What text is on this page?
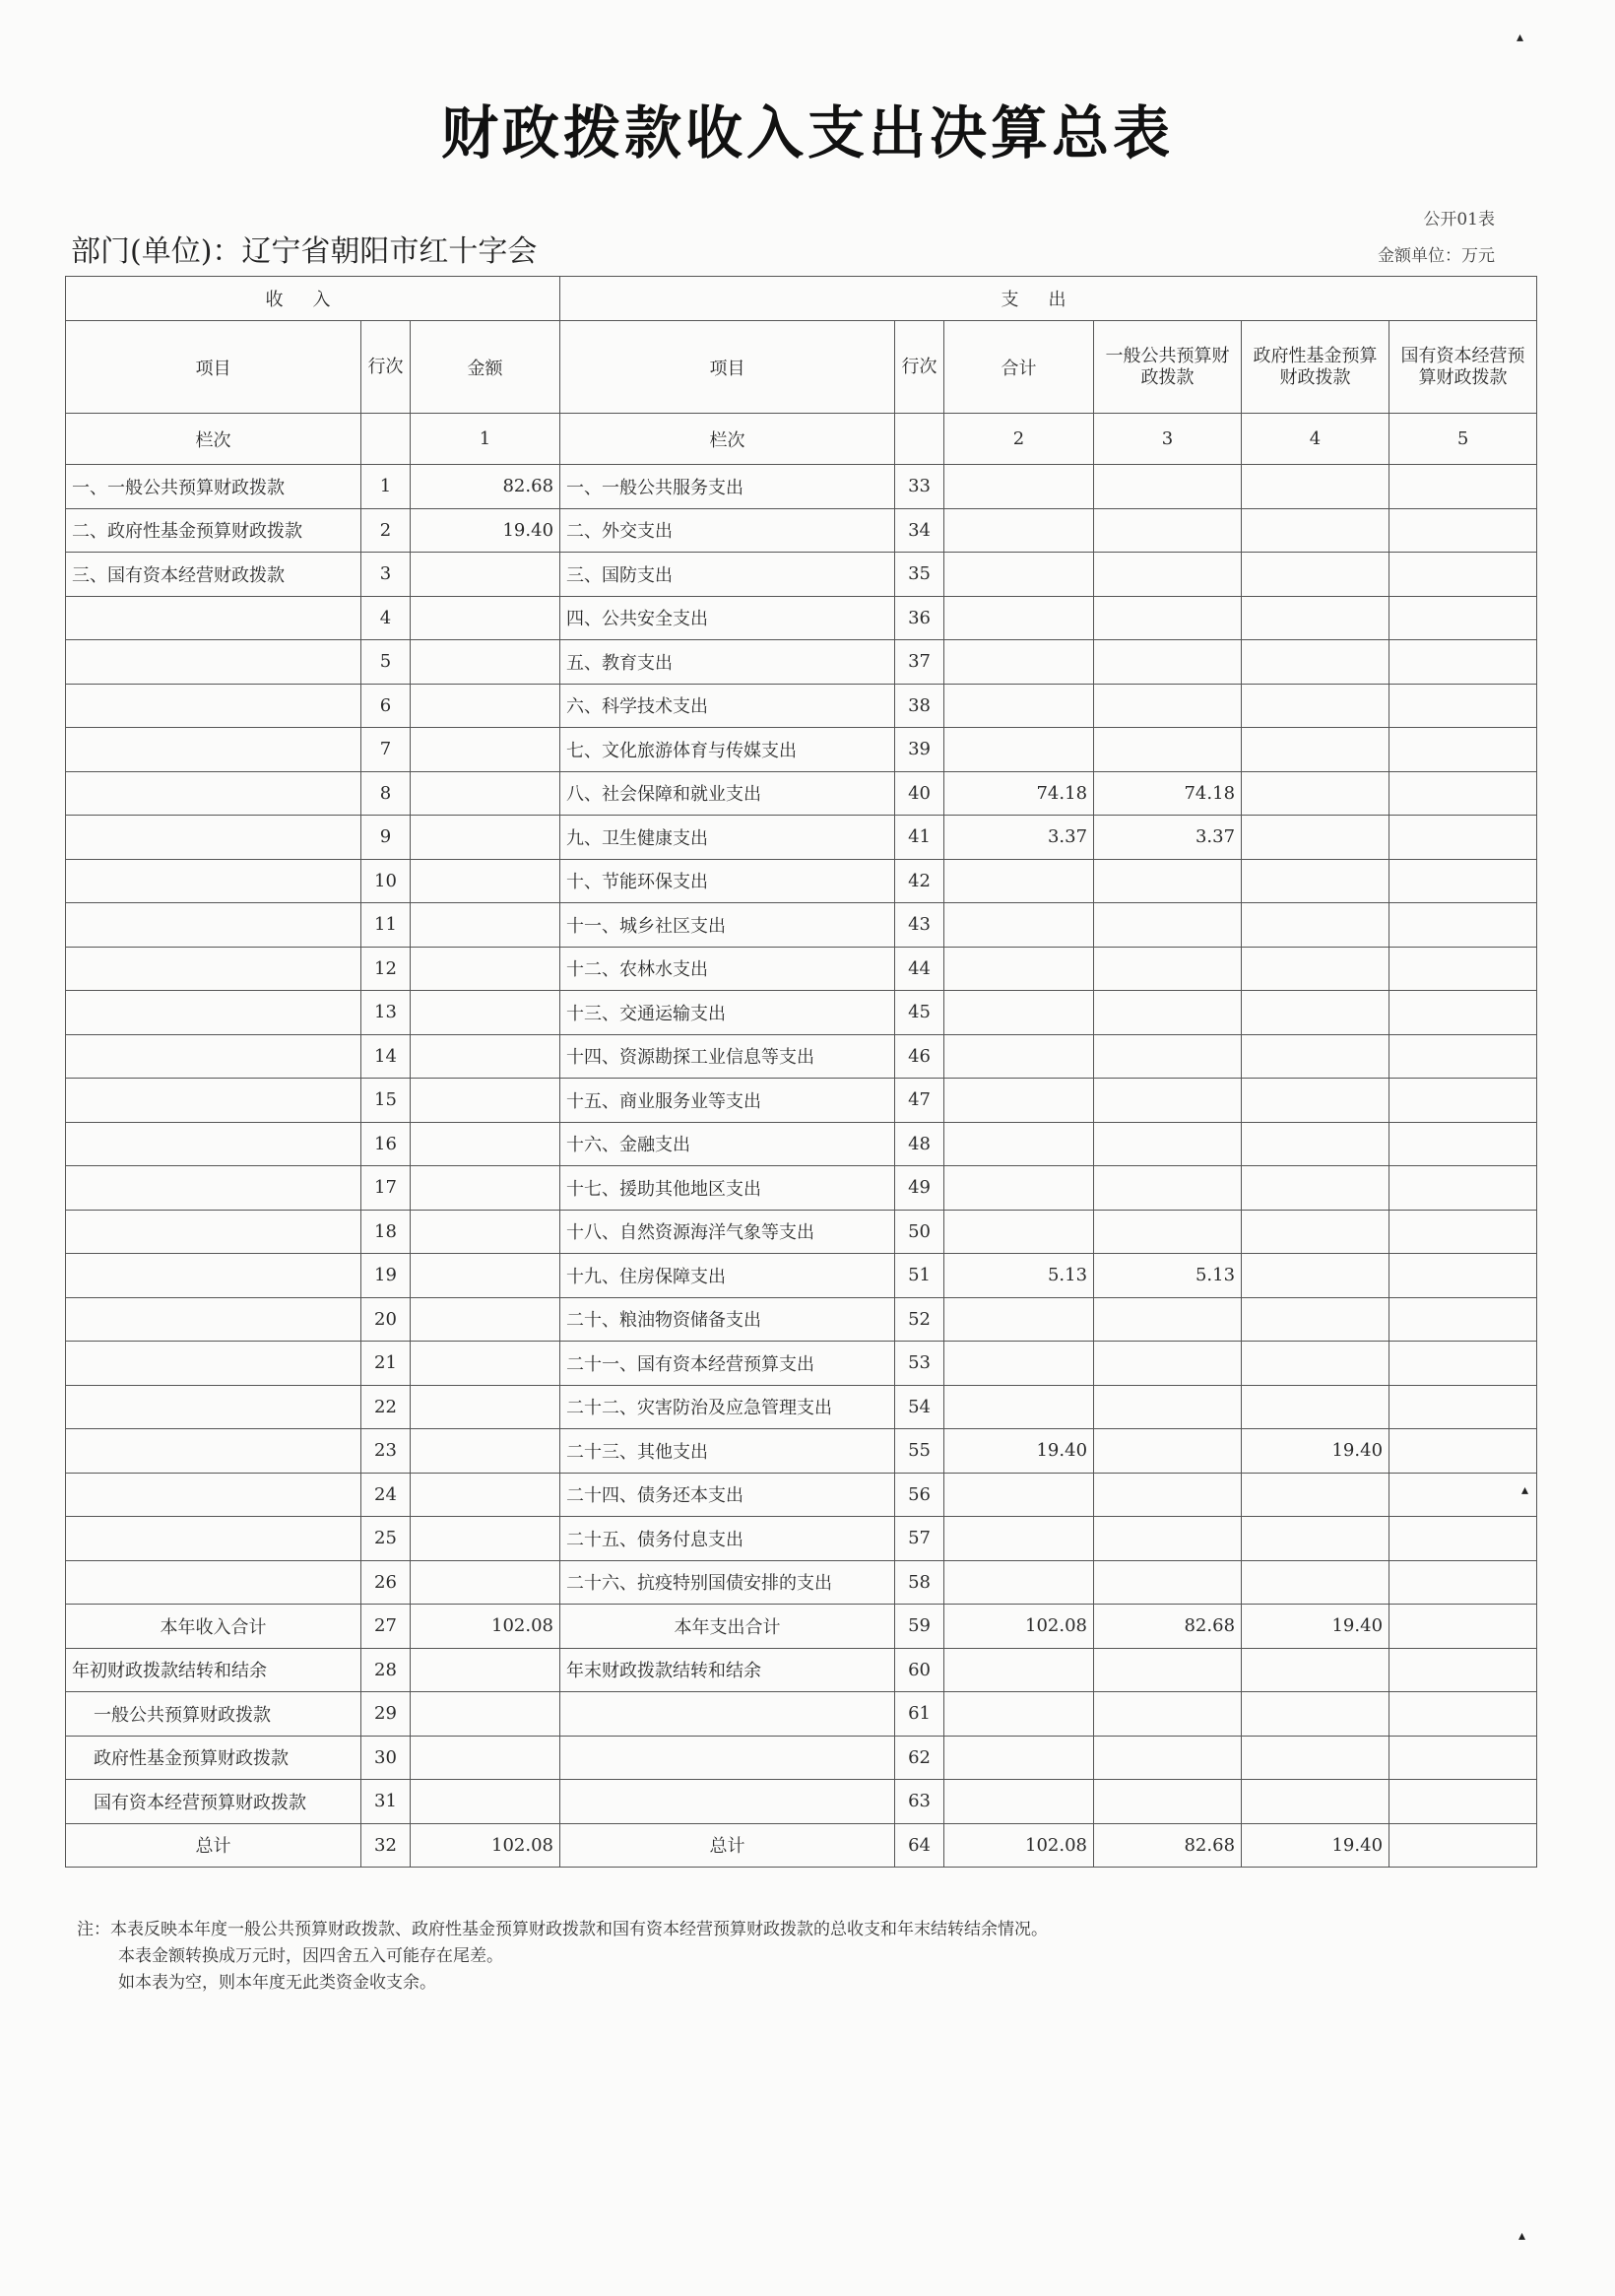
财政拨款收入支出决算总表
公开01表
部门(单位)：辽宁省朝阳市红十字会	金额单位：万元
收入			支出					
项目	行次	金额	项目	行次	合计	一般公共预算财政拨款	政府性基金预算财政拨款	国有资本经营预算财政拨款
栏次		1	栏次		2	3	4	5
一、一般公共预算财政拨款	1	82.68	一、一般公共服务支出	33				
二、政府性基金预算财政拨款	2	19.40	二、外交支出	34				
三、国有资本经营财政拨款	3		三、国防支出	35				
	4		四、公共安全支出	36				
	5		五、教育支出	37				
	6		六、科学技术支出	38				
	7		七、文化旅游体育与传媒支出	39				
	8		八、社会保障和就业支出	40	74.18	74.18		
	9		九、卫生健康支出	41	3.37	3.37		
	10		十、节能环保支出	42				
	11		十一、城乡社区支出	43				
	12		十二、农林水支出	44				
	13		十三、交通运输支出	45				
	14		十四、资源勘探工业信息等支出	46				
	15		十五、商业服务业等支出	47				
	16		十六、金融支出	48				
	17		十七、援助其他地区支出	49				
	18		十八、自然资源海洋气象等支出	50				
	19		十九、住房保障支出	51	5.13	5.13		
	20		二十、粮油物资储备支出	52				
	21		二十一、国有资本经营预算支出	53				
	22		二十二、灾害防治及应急管理支出	54				
	23		二十三、其他支出	55	19.40		19.40	
	24		二十四、债务还本支出	56				
	25		二十五、债务付息支出	57				
	26		二十六、抗疫特别国债安排的支出	58				
本年收入合计	27	102.08	本年支出合计	59	102.08	82.68	19.40	
年初财政拨款结转和结余	28		年末财政拨款结转和结余	60				
一般公共预算财政拨款	29			61				
政府性基金预算财政拨款	30			62				
国有资本经营预算财政拨款	31			63				
总计	32	102.08	总计	64	102.08	82.68	19.40	
注：本表反映本年度一般公共预算财政拨款、政府性基金预算财政拨款和国有资本经营预算财政拨款的总收支和年末结转结余情况。
本表金额转换成万元时，因四舍五入可能存在尾差。
如本表为空，则本年度无此类资金收支余。
▴
▴
▴
